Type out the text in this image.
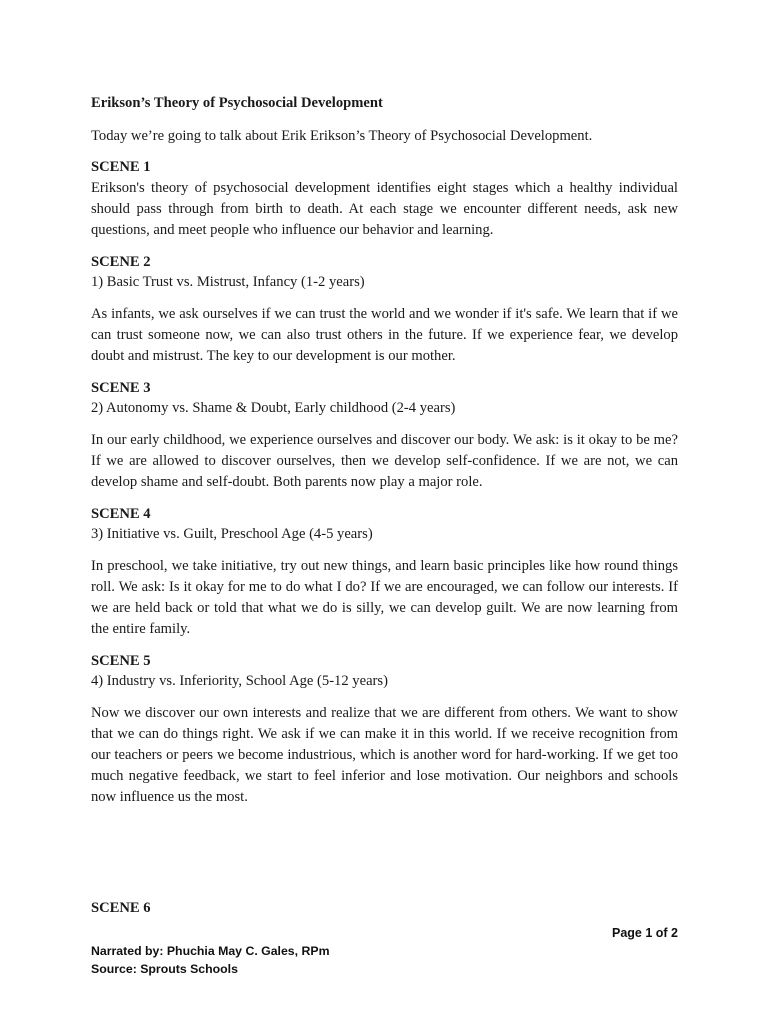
Erikson’s Theory of Psychosocial Development

Today we’re going to talk about Erik Erikson’s Theory of Psychosocial Development.

SCENE 1

Erikson's theory of psychosocial development identifies eight stages which a healthy individual should pass through from birth to death. At each stage we encounter different needs, ask new questions, and meet people who influence our behavior and learning.

SCENE 2

1) Basic Trust vs. Mistrust, Infancy (1-2 years)

As infants, we ask ourselves if we can trust the world and we wonder if it's safe. We learn that if we can trust someone now, we can also trust others in the future. If we experience fear, we develop doubt and mistrust. The key to our development is our mother.

SCENE 3

2) Autonomy vs. Shame & Doubt, Early childhood (2-4 years)

In our early childhood, we experience ourselves and discover our body. We ask: is it okay to be me? If we are allowed to discover ourselves, then we develop self-confidence. If we are not, we can develop shame and self-doubt. Both parents now play a major role.

SCENE 4

3) Initiative vs. Guilt, Preschool Age (4-5 years)

In preschool, we take initiative, try out new things, and learn basic principles like how round things roll. We ask: Is it okay for me to do what I do? If we are encouraged, we can follow our interests. If we are held back or told that what we do is silly, we can develop guilt. We are now learning from the entire family.

SCENE 5

4) Industry vs. Inferiority, School Age (5-12 years)

Now we discover our own interests and realize that we are different from others. We want to show that we can do things right. We ask if we can make it in this world. If we receive recognition from our teachers or peers we become industrious, which is another word for hard-working. If we get too much negative feedback, we start to feel inferior and lose motivation. Our neighbors and schools now influence us the most.

SCENE 6

Page 1 of 2
Narrated by: Phuchia May C. Gales, RPm
Source: Sprouts Schools
